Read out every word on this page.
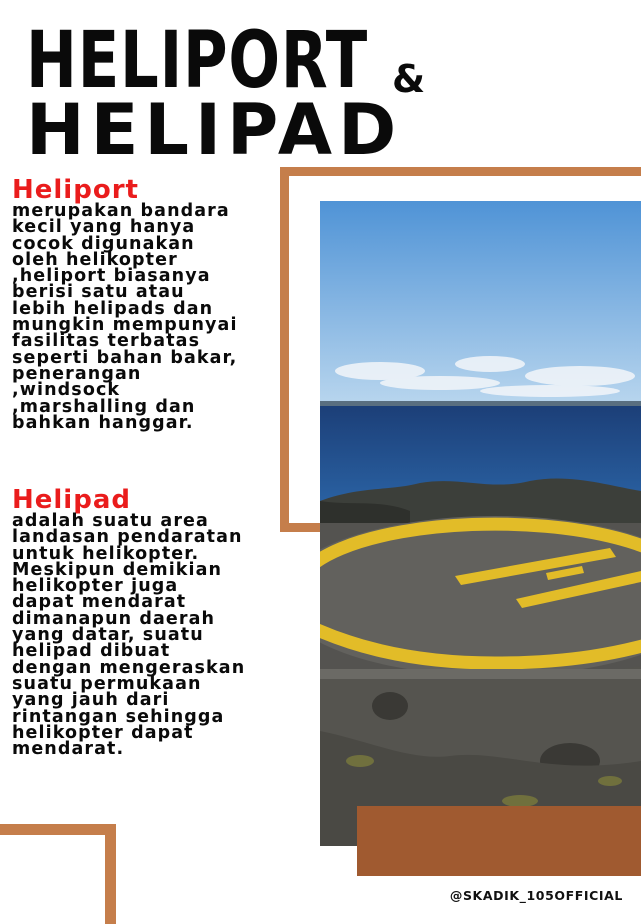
HELIPORT &
HELIPAD
Heliport

merupakan bandara
kecil yang hanya
cocok digunakan
oleh helikopter
,heliport biasanya
berisi satu atau
lebih helipads dan
mungkin mempunyai
fasilitas terbatas
seperti bahan bakar,
penerangan
,windsock
,marshalling dan
bahkan hanggar.

Helipad

adalah suatu area
landasan pendaratan
untuk helikopter.
Meskipun demikian
helikopter juga
dapat mendarat
dimanapun daerah
yang datar, suatu
helipad dibuat
dengan mengeraskan
suatu permukaan
yang jauh dari
rintangan sehingga
helikopter dapat
mendarat.

@SKADIK_105OFFICIAL
